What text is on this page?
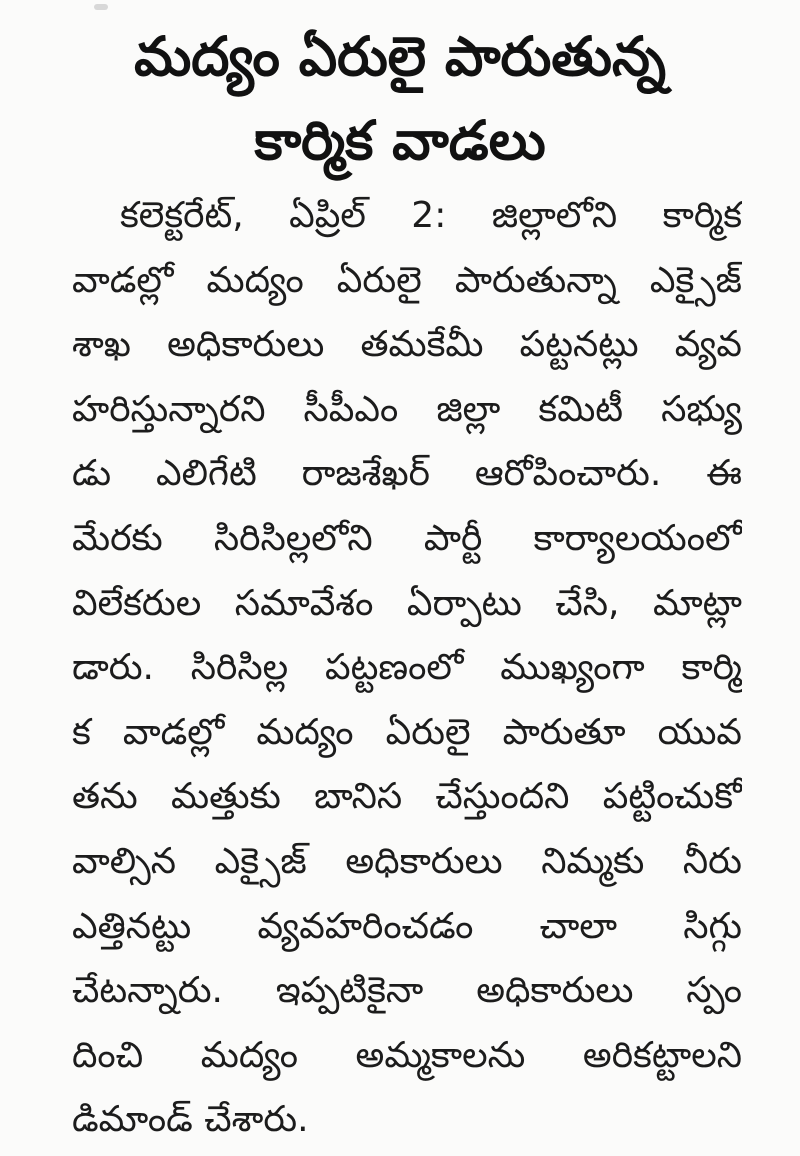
మద్యం ఏరులై పారుతున్న
కార్మిక వాడలు
కలెక్టరేట్, ఏప్రిల్ 2: జిల్లాలోని కార్మిక
వాడల్లో మద్యం ఏరులై పారుతున్నా ఎక్సైజ్
శాఖ అధికారులు తమకేమీ పట్టనట్లు వ్యవ
హరిస్తున్నారని సీపీఎం జిల్లా కమిటీ సభ్యు
డు ఎలిగేటి రాజశేఖర్ ఆరోపించారు. ఈ
మేరకు సిరిసిల్లలోని పార్టీ కార్యాలయంలో
విలేకరుల సమావేశం ఏర్పాటు చేసి, మాట్లా
డారు. సిరిసిల్ల పట్టణంలో ముఖ్యంగా కార్మి
క వాడల్లో మద్యం ఏరులై పారుతూ యువ
తను మత్తుకు బానిస చేస్తుందని పట్టించుకో
వాల్సిన ఎక్సైజ్ అధికారులు నిమ్మకు నీరు
ఎత్తినట్టు వ్యవహరించడం చాలా సిగ్గు
చేటన్నారు. ఇప్పటికైనా అధికారులు స్పం
దించి మద్యం అమ్మకాలను అరికట్టాలని
డిమాండ్ చేశారు.
